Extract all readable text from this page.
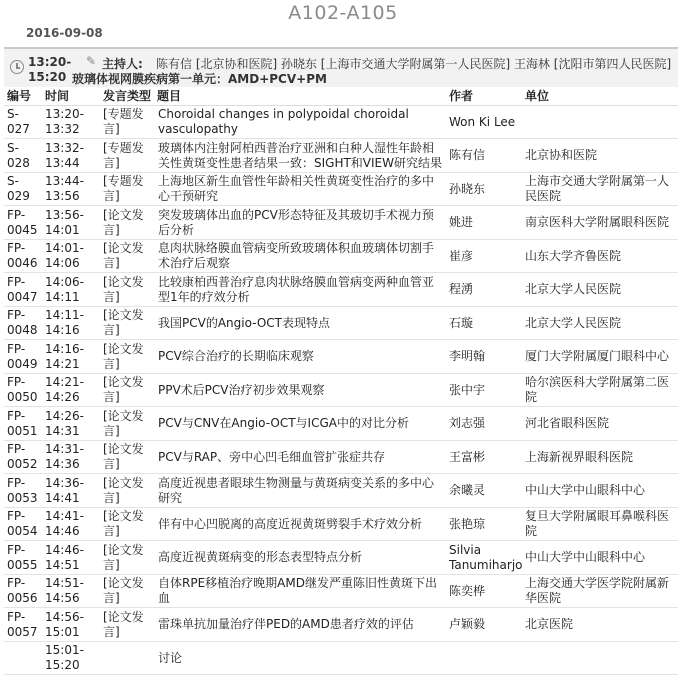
A102-A105
2016-09-08
13:20-
15:20
✎ 主持人: 陈有信 [北京协和医院] 孙晓东 [上海市交通大学附属第一人民医院] 王海林 [沈阳市第四人民医院]
玻璃体视网膜疾病第一单元：AMD+PCV+PM
编号	时间	发言类型	题目	作者	单位
S-027	13:20-13:32	[专题发言]	Choroidal changes in polypoidal choroidal vasculopathy	Won Ki Lee	
S-028	13:32-13:44	[专题发言]	玻璃体内注射阿柏西普治疗亚洲和白种人湿性年龄相关性黄斑变性患者结果一致：SIGHT和VIEW研究结果	陈有信	北京协和医院
S-029	13:44-13:56	[专题发言]	上海地区新生血管性年龄相关性黄斑变性治疗的多中心干预研究	孙晓东	上海市交通大学附属第一人民医院
FP-0045	13:56-14:01	[论文发言]	突发玻璃体出血的PCV形态特征及其玻切手术视力预后分析	姚进	南京医科大学附属眼科医院
FP-0046	14:01-14:06	[论文发言]	息肉状脉络膜血管病变所致玻璃体积血玻璃体切割手术治疗后观察	崔彦	山东大学齐鲁医院
FP-0047	14:06-14:11	[论文发言]	比较康柏西普治疗息肉状脉络膜血管病变两种血管亚型1年的疗效分析	程湧	北京大学人民医院
FP-0048	14:11-14:16	[论文发言]	我国PCV的Angio-OCT表现特点	石璇	北京大学人民医院
FP-0049	14:16-14:21	[论文发言]	PCV综合治疗的长期临床观察	李明翰	厦门大学附属厦门眼科中心
FP-0050	14:21-14:26	[论文发言]	PPV术后PCV治疗初步效果观察	张中宇	哈尔滨医科大学附属第二医院
FP-0051	14:26-14:31	[论文发言]	PCV与CNV在Angio-OCT与ICGA中的对比分析	刘志强	河北省眼科医院
FP-0052	14:31-14:36	[论文发言]	PCV与RAP、旁中心凹毛细血管扩张症共存	王富彬	上海新视界眼科医院
FP-0053	14:36-14:41	[论文发言]	高度近视患者眼球生物测量与黄斑病变关系的多中心研究	余曦灵	中山大学中山眼科中心
FP-0054	14:41-14:46	[论文发言]	伴有中心凹脱离的高度近视黄斑劈裂手术疗效分析	张艳琼	复旦大学附属眼耳鼻喉科医院
FP-0055	14:46-14:51	[论文发言]	高度近视黄斑病变的形态表型特点分析	Silvia Tanumiharjo	中山大学中山眼科中心
FP-0056	14:51-14:56	[论文发言]	自体RPE移植治疗晚期AMD继发严重陈旧性黄斑下出血	陈奕桦	上海交通大学医学院附属新华医院
FP-0057	14:56-15:01	[论文发言]	雷珠单抗加量治疗伴PED的AMD患者疗效的评估	卢颖毅	北京医院
	15:01-15:20		讨论		
